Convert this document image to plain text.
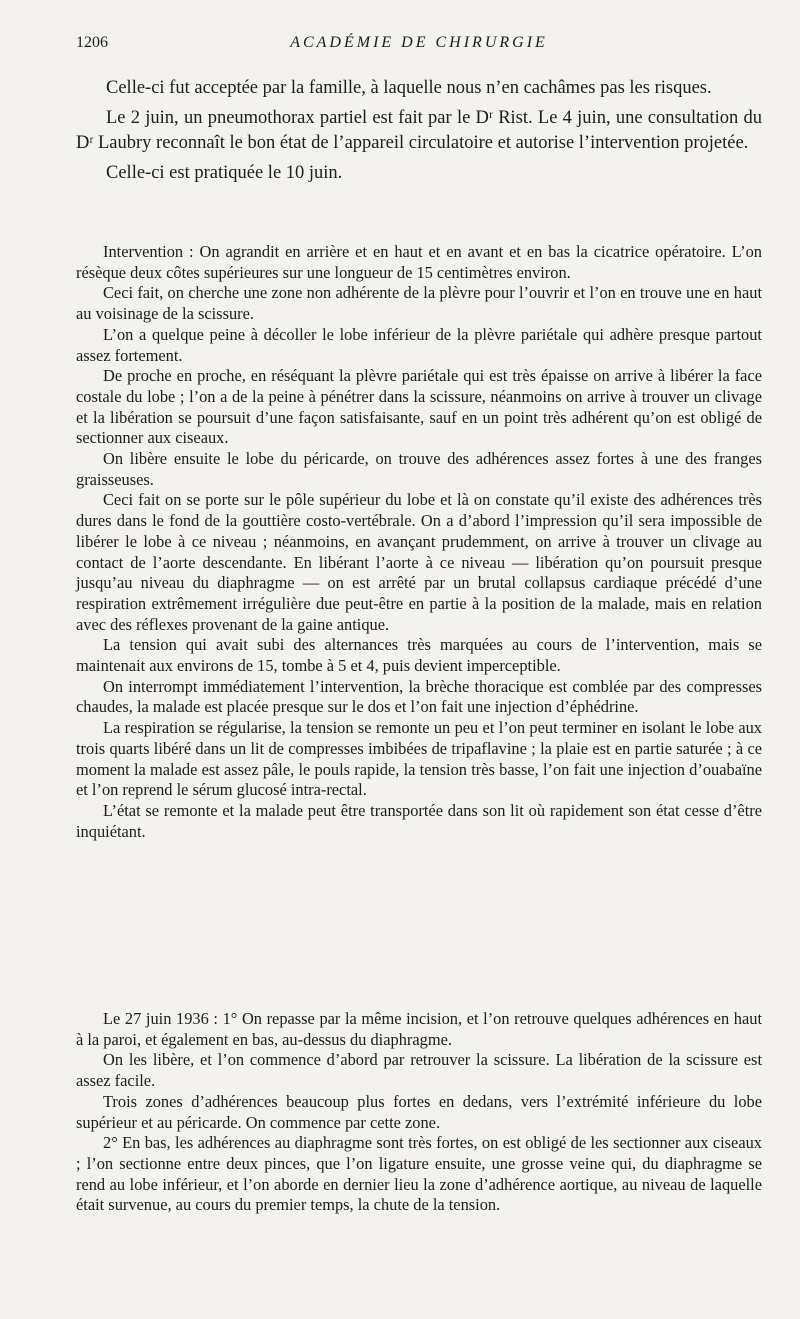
1206	ACADÉMIE DE CHIRURGIE

Celle-ci fut acceptée par la famille, à laquelle nous n’en cachâmes pas les risques.

Le 2 juin, un pneumothorax partiel est fait par le Dʳ Rist. Le 4 juin, une consultation du Dʳ Laubry reconnaît le bon état de l’appareil circulatoire et autorise l’intervention projetée.

Celle-ci est pratiquée le 10 juin.

Intervention : On agrandit en arrière et en haut et en avant et en bas la cicatrice opératoire. L’on résèque deux côtes supérieures sur une longueur de 15 centimètres environ.

Ceci fait, on cherche une zone non adhérente de la plèvre pour l’ouvrir et l’on en trouve une en haut au voisinage de la scissure.

L’on a quelque peine à décoller le lobe inférieur de la plèvre pariétale qui adhère presque partout assez fortement.

De proche en proche, en réséquant la plèvre pariétale qui est très épaisse on arrive à libérer la face costale du lobe ; l’on a de la peine à pénétrer dans la scissure, néanmoins on arrive à trouver un clivage et la libération se poursuit d’une façon satisfaisante, sauf en un point très adhérent qu’on est obligé de sectionner aux ciseaux.

On libère ensuite le lobe du péricarde, on trouve des adhérences assez fortes à une des franges graisseuses.

Ceci fait on se porte sur le pôle supérieur du lobe et là on constate qu’il existe des adhérences très dures dans le fond de la gouttière costo-vertébrale. On a d’abord l’impression qu’il sera impossible de libérer le lobe à ce niveau ; néanmoins, en avançant prudemment, on arrive à trouver un clivage au contact de l’aorte descendante. En libérant l’aorte à ce niveau — libération qu’on poursuit presque jusqu’au niveau du diaphragme — on est arrêté par un brutal collapsus cardiaque précédé d’une respiration extrêmement irrégulière due peut-être en partie à la position de la malade, mais en relation avec des réflexes provenant de la gaine antique.

La tension qui avait subi des alternances très marquées au cours de l’intervention, mais se maintenait aux environs de 15, tombe à 5 et 4, puis devient imperceptible.

On interrompt immédiatement l’intervention, la brèche thoracique est comblée par des compresses chaudes, la malade est placée presque sur le dos et l’on fait une injection d’éphédrine.

La respiration se régularise, la tension se remonte un peu et l’on peut terminer en isolant le lobe aux trois quarts libéré dans un lit de compresses imbibées de tripaflavine ; la plaie est en partie saturée ; à ce moment la malade est assez pâle, le pouls rapide, la tension très basse, l’on fait une injection d’ouabaïne et l’on reprend le sérum glucosé intra-rectal.

L’état se remonte et la malade peut être transportée dans son lit où rapidement son état cesse d’être inquiétant.

Le 27 juin 1936 : 1° On repasse par la même incision, et l’on retrouve quelques adhérences en haut à la paroi, et également en bas, au-dessus du diaphragme.

On les libère, et l’on commence d’abord par retrouver la scissure. La libération de la scissure est assez facile.

Trois zones d’adhérences beaucoup plus fortes en dedans, vers l’extrémité inférieure du lobe supérieur et au péricarde. On commence par cette zone.

2° En bas, les adhérences au diaphragme sont très fortes, on est obligé de les sectionner aux ciseaux ; l’on sectionne entre deux pinces, que l’on ligature ensuite, une grosse veine qui, du diaphragme se rend au lobe inférieur, et l’on aborde en dernier lieu la zone d’adhérence aortique, au niveau de laquelle était survenue, au cours du premier temps, la chute de la tension.
